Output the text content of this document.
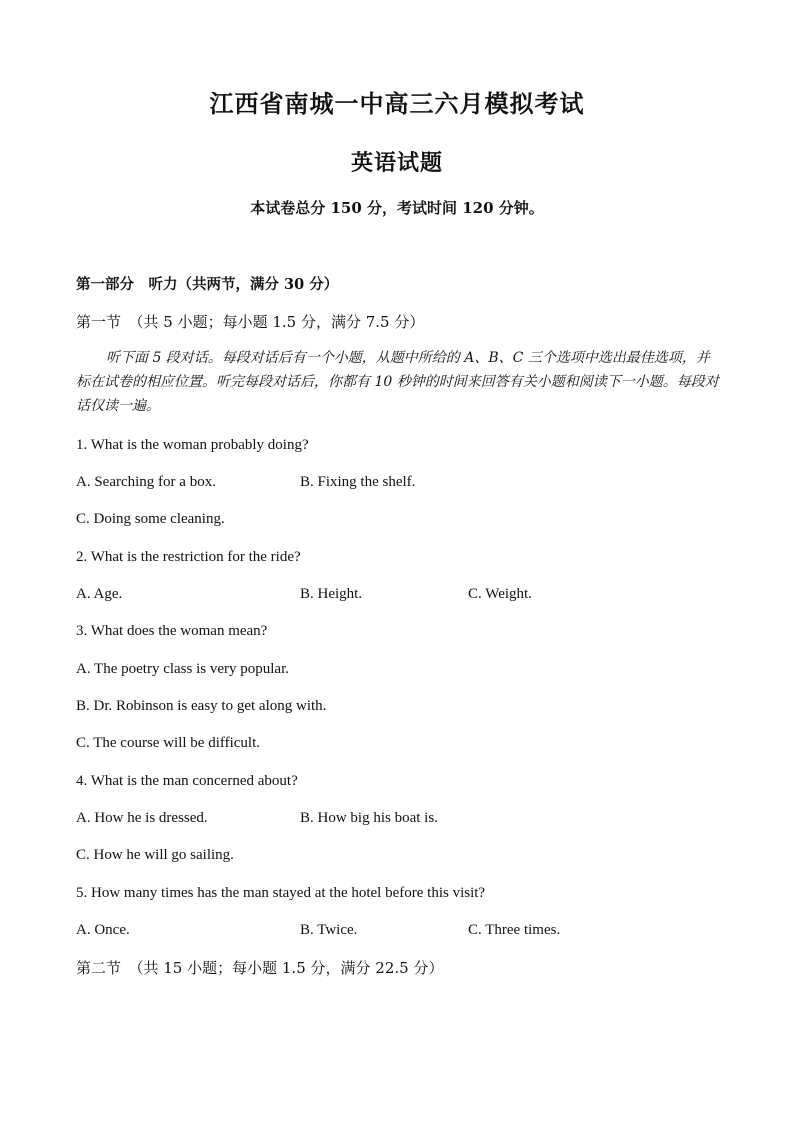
江西省南城一中高三六月模拟考试
英语试题
本试卷总分 150 分，考试时间 120 分钟。
第一部分　听力（共两节，满分 30 分）
第一节　（共 5 小题；每小题 1.5 分，满分 7.5 分）
听下面 5 段对话。每段对话后有一个小题，从题中所给的 A、B、C 三个选项中选出最佳选项，并标在试卷的相应位置。听完每段对话后，你都有 10 秒钟的时间来回答有关小题和阅读下一小题。每段对话仅读一遍。
1. What is the woman probably doing?
A. Searching for a box.	B. Fixing the shelf.
C. Doing some cleaning.
2. What is the restriction for the ride?
A. Age.	B. Height.	C. Weight.
3. What does the woman mean?
A. The poetry class is very popular.
B. Dr. Robinson is easy to get along with.
C. The course will be difficult.
4. What is the man concerned about?
A. How he is dressed.	B. How big his boat is.
C. How he will go sailing.
5. How many times has the man stayed at the hotel before this visit?
A. Once.	B. Twice.	C. Three times.
第二节　（共 15 小题；每小题 1.5 分，满分 22.5 分）
